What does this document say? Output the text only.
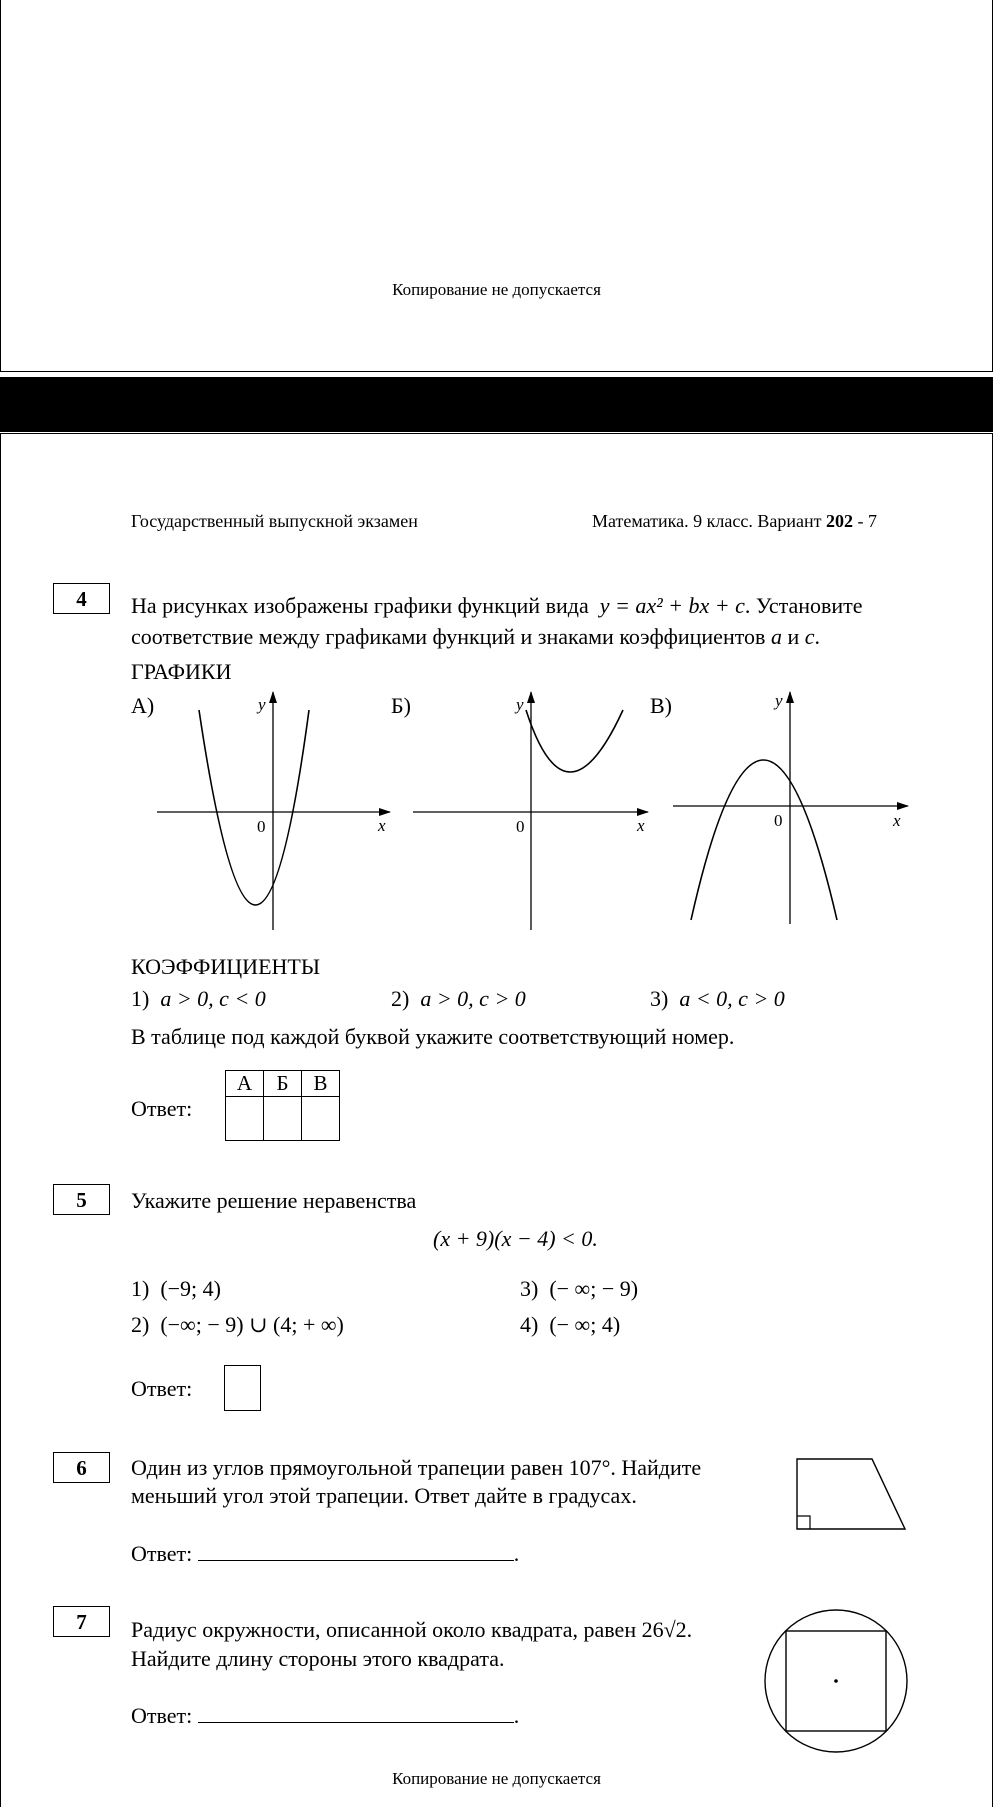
Копирование не допускается
Государственный выпускной экзамен	Математика. 9 класс. Вариант 202 - 7
4	На рисунках изображены графики функций вида y = ax² + bx + c. Установите
соответствие между графиками функций и знаками коэффициентов a и c.
ГРАФИКИ
А)	Б)	В)
y
x
0
y
x
0
y
x
0
КОЭФФИЦИЕНТЫ
1) a > 0, c < 0	2) a > 0, c > 0	3) a < 0, c > 0
В таблице под каждой буквой укажите соответствующий номер.
Ответ:
А	Б	В

5	Укажите решение неравенства
(x + 9)(x − 4) < 0.
1) (−9; 4)	3) (− ∞; − 9)
2) (−∞; − 9) ∪ (4; + ∞)	4) (− ∞; 4)
Ответ:
6	Один из углов прямоугольной трапеции равен 107°. Найдите
меньший угол этой трапеции. Ответ дайте в градусах.
Ответ:	.
7	Радиус окружности, описанной около квадрата, равен 26√2.
Найдите длину стороны этого квадрата.
Ответ:	.
Копирование не допускается
